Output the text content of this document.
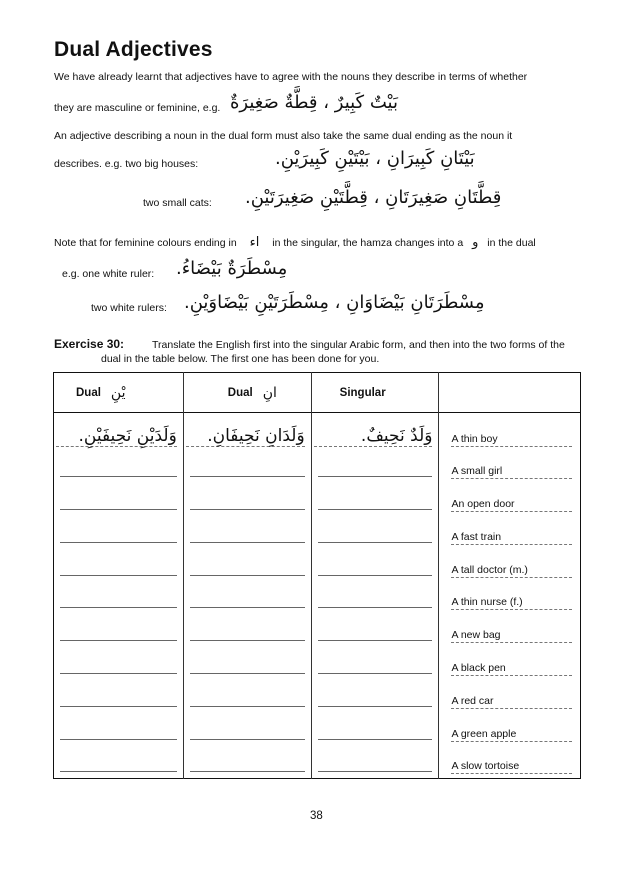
Dual Adjectives
We have already learnt that adjectives have to agree with the nouns they describe in terms of whether
they are masculine or feminine, e.g. بَيْتٌ كَبِيرٌ ، قِطَّةٌ صَغِيرَةٌ
An adjective describing a noun in the dual form must also take the same dual ending as the noun it
describes. e.g. two big houses:	بَيْتَانِ كَبِيرَانِ ، بَيْتَيْنِ كَبِيرَيْنِ.
two small cats: قِطَّتَانِ صَغِيرَتَانِ ، قِطَّتَيْنِ صَغِيرَتَيْنِ.
Note that for feminine colours ending in اء in the singular, the hamza changes into a و in the dual
e.g. one white ruler: مِسْطَرَةٌ بَيْضَاءُ.
two white rulers: مِسْطَرَتَانِ بَيْضَاوَانِ ، مِسْطَرَتَيْنِ بَيْضَاوَيْنِ.
Exercise 30:	Translate the English first into the singular Arabic form, and then into the two forms of the
dual in the table below. The first one has been done for you.
Dual يْنِ	Dual انِ	Singular	

وَلَدَيْنِ نَحِيفَيْنِ.	وَلَدَانِ نَحِيفَانِ.	وَلَدٌ نَحِيفٌ.	A thin boy

			A small girl

			An open door

			A fast train

			A tall doctor (m.)

			A thin nurse (f.)

			A new bag

			A black pen

			A red car

			A green apple

			A slow tortoise
38
